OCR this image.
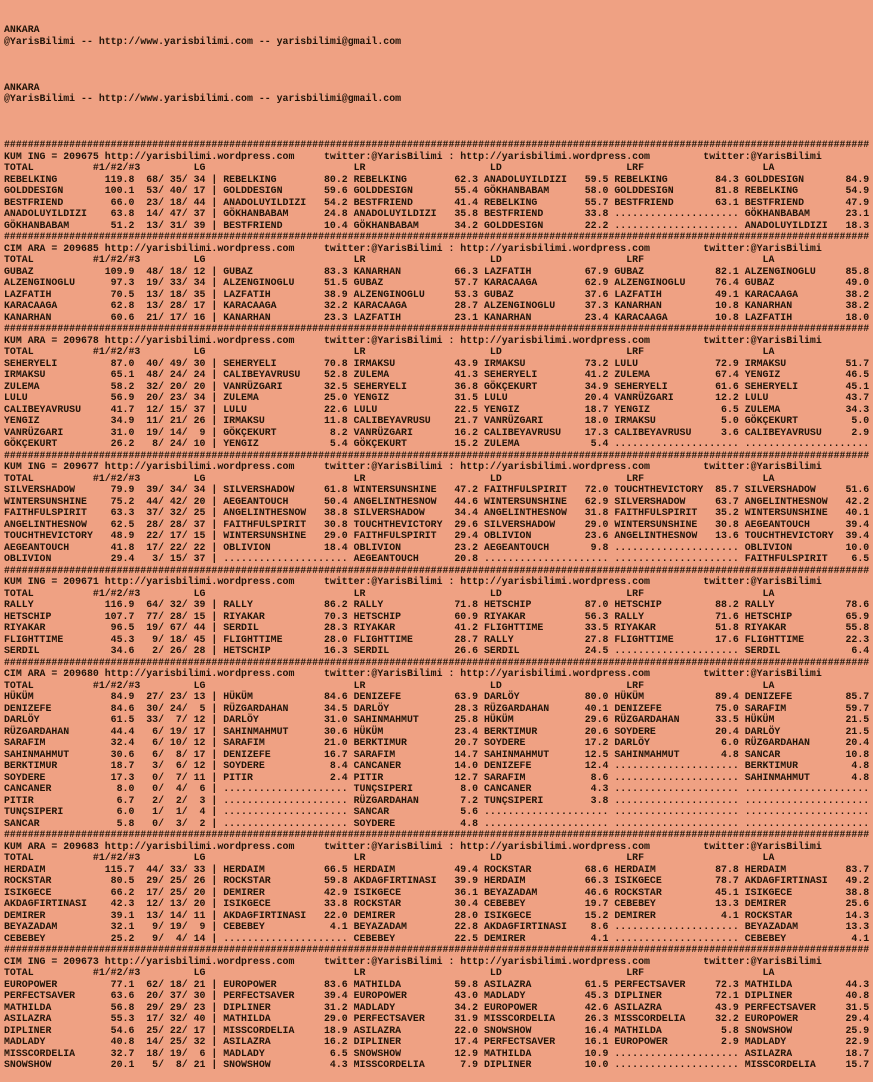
ANKARA
@YarisBilimi -- http://www.yarisbilimi.com -- yarisbilimi@gmail.com

ANKARA
@YarisBilimi -- http://www.yarisbilimi.com -- yarisbilimi@gmail.com

##################################################################################################################################################
KUM ING = 209675 http://yarisbilimi.wordpress.com     twitter:@YarisBilimi : http://yarisbilimi.wordpress.com         twitter:@YarisBilimi
TOTAL          #1/#2/#3         LG                         LR                     LD                     LRF                    LA
REBELKING        119.8  68/ 35/ 34 | REBELKING        80.2 REBELKING        62.3 ANADOLUYILDIZI   59.5 REBELKING        84.3 GOLDDESIGN       84.9
GOLDDESIGN       100.1  53/ 40/ 17 | GOLDDESIGN       59.6 GOLDDESIGN       55.4 GÖKHANBABAM      58.0 GOLDDESIGN       81.8 REBELKING        54.9
BESTFRIEND        66.0  23/ 18/ 44 | ANADOLUYILDIZI   54.2 BESTFRIEND       41.4 REBELKING        55.7 BESTFRIEND       63.1 BESTFRIEND       47.9
ANADOLUYILDIZI    63.8  14/ 47/ 37 | GÖKHANBABAM      24.8 ANADOLUYILDIZI   35.8 BESTFRIEND       33.8 ..................... GÖKHANBABAM      23.1
GÖKHANBABAM       51.2  13/ 31/ 39 | BESTFRIEND       10.4 GÖKHANBABAM      34.2 GOLDDESIGN       22.2 ..................... ANADOLUYILDIZI   18.3
##################################################################################################################################################
CIM ARA = 209685 http://yarisbilimi.wordpress.com     twitter:@YarisBilimi : http://yarisbilimi.wordpress.com         twitter:@YarisBilimi
TOTAL          #1/#2/#3         LG                         LR                     LD                     LRF                    LA
GUBAZ            109.9  48/ 18/ 12 | GUBAZ            83.3 KANARHAN         66.3 LAZFATIH         67.9 GUBAZ            82.1 ALZENGINOGLU     85.8
ALZENGINOGLU      97.3  19/ 33/ 34 | ALZENGINOGLU     51.5 GUBAZ            57.7 KARACAAGA        62.9 ALZENGINOGLU     76.4 GUBAZ            49.0
LAZFATIH          70.5  13/ 18/ 35 | LAZFATIH         38.9 ALZENGINOGLU     53.3 GUBAZ            37.6 LAZFATIH         49.1 KARACAAGA        38.2
KARACAAGA         62.8  13/ 28/ 17 | KARACAAGA        32.2 KARACAAGA        28.7 ALZENGINOGLU     37.3 KANARHAN         10.8 KANARHAN         38.2
KANARHAN          60.6  21/ 17/ 16 | KANARHAN         23.3 LAZFATIH         23.1 KANARHAN         23.4 KARACAAGA        10.8 LAZFATIH         18.0
##################################################################################################################################################
KUM ARA = 209678 http://yarisbilimi.wordpress.com     twitter:@YarisBilimi : http://yarisbilimi.wordpress.com         twitter:@YarisBilimi
TOTAL          #1/#2/#3         LG                         LR                     LD                     LRF                    LA
SEHERYELI         87.0  40/ 49/ 30 | SEHERYELI        70.8 IRMAKSU          43.9 IRMAKSU          73.2 LULU             72.9 IRMAKSU          51.7
IRMAKSU           65.1  48/ 24/ 24 | CALIBEYAVRUSU    52.8 ZULEMA           41.3 SEHERYELI        41.2 ZULEMA           67.4 YENGIZ           46.5
ZULEMA            58.2  32/ 20/ 20 | VANRÜZGARI       32.5 SEHERYELI        36.8 GÖKÇEKURT        34.9 SEHERYELI        61.6 SEHERYELI        45.1
LULU              56.9  20/ 23/ 34 | ZULEMA           25.0 YENGIZ           31.5 LULU             20.4 VANRÜZGARI       12.2 LULU             43.7
CALIBEYAVRUSU     41.7  12/ 15/ 37 | LULU             22.6 LULU             22.5 YENGIZ           18.7 YENGIZ            6.5 ZULEMA           34.3
YENGIZ            34.9  11/ 21/ 26 | IRMAKSU          11.8 CALIBEYAVRUSU    21.7 VANRÜZGARI       18.0 IRMAKSU           5.0 GÖKÇEKURT         5.0
VANRÜZGARI        31.0  19/ 14/  9 | GÖKÇEKURT         8.2 VANRÜZGARI       16.2 CALIBEYAVRUSU    17.3 CALIBEYAVRUSU     3.6 CALIBEYAVRUSU     2.9
GÖKÇEKURT         26.2   8/ 24/ 10 | YENGIZ            5.4 GÖKÇEKURT        15.2 ZULEMA            5.4 ..................... .....................
##################################################################################################################################################
KUM ING = 209677 http://yarisbilimi.wordpress.com     twitter:@YarisBilimi : http://yarisbilimi.wordpress.com         twitter:@YarisBilimi
TOTAL          #1/#2/#3         LG                         LR                     LD                     LRF                    LA
SILVERSHADOW      79.9  39/ 34/ 34 | SILVERSHADOW     61.8 WINTERSUNSHINE   47.2 FAITHFULSPIRIT   72.0 TOUCHTHEVICTORY  85.7 SILVERSHADOW     51.6
WINTERSUNSHINE    75.2  44/ 42/ 20 | AEGEANTOUCH      50.4 ANGELINTHESNOW   44.6 WINTERSUNSHINE   62.9 SILVERSHADOW     63.7 ANGELINTHESNOW   42.2
FAITHFULSPIRIT    63.3  37/ 32/ 25 | ANGELINTHESNOW   38.8 SILVERSHADOW     34.4 ANGELINTHESNOW   31.8 FAITHFULSPIRIT   35.2 WINTERSUNSHINE   40.1
ANGELINTHESNOW    62.5  28/ 28/ 37 | FAITHFULSPIRIT   30.8 TOUCHTHEVICTORY  29.6 SILVERSHADOW     29.0 WINTERSUNSHINE   30.8 AEGEANTOUCH      39.4
TOUCHTHEVICTORY   48.9  22/ 17/ 15 | WINTERSUNSHINE   29.0 FAITHFULSPIRIT   29.4 OBLIVION         23.6 ANGELINTHESNOW   13.6 TOUCHTHEVICTORY  39.4
AEGEANTOUCH       41.8  17/ 22/ 22 | OBLIVION         18.4 OBLIVION         23.2 AEGEANTOUCH       9.8 ..................... OBLIVION         10.0
OBLIVION          29.4   3/ 15/ 37 | ..................... AEGEANTOUCH      20.8 ..................... ..................... FAITHFULSPIRIT    6.5
##################################################################################################################################################
KUM ING = 209671 http://yarisbilimi.wordpress.com     twitter:@YarisBilimi : http://yarisbilimi.wordpress.com         twitter:@YarisBilimi
TOTAL          #1/#2/#3         LG                         LR                     LD                     LRF                    LA
RALLY            116.9  64/ 32/ 39 | RALLY            86.2 RALLY            71.8 HETSCHIP         87.0 HETSCHIP         88.2 RALLY            78.6
HETSCHIP         107.7  77/ 28/ 15 | RIYAKAR          70.3 HETSCHIP         60.9 RIYAKAR          56.3 RALLY            71.6 HETSCHIP         65.9
RIYAKAR           96.5  19/ 67/ 44 | SERDIL           28.3 RIYAKAR          41.2 FLIGHTTIME       33.5 RIYAKAR          51.8 RIYAKAR          55.8
FLIGHTTIME        45.3   9/ 18/ 45 | FLIGHTTIME       28.0 FLIGHTTIME       28.7 RALLY            27.8 FLIGHTTIME       17.6 FLIGHTTIME       22.3
SERDIL            34.6   2/ 26/ 28 | HETSCHIP         16.3 SERDIL           26.6 SERDIL           24.5 ..................... SERDIL            6.4
##################################################################################################################################################
CIM ARA = 209680 http://yarisbilimi.wordpress.com     twitter:@YarisBilimi : http://yarisbilimi.wordpress.com         twitter:@YarisBilimi
TOTAL          #1/#2/#3         LG                         LR                     LD                     LRF                    LA
HÜKÜM             84.9  27/ 23/ 13 | HÜKÜM            84.6 DENIZEFE         63.9 DARLÖY           80.0 HÜKÜM            89.4 DENIZEFE         85.7
DENIZEFE          84.6  30/ 24/  5 | RÜZGARDAHAN      34.5 DARLÖY           28.3 RÜZGARDAHAN      40.1 DENIZEFE         75.0 SARAFIM          59.7
DARLÖY            61.5  33/  7/ 12 | DARLÖY           31.0 SAHINMAHMUT      25.8 HÜKÜM            29.6 RÜZGARDAHAN      33.5 HÜKÜM            21.5
RÜZGARDAHAN       44.4   6/ 19/ 17 | SAHINMAHMUT      30.6 HÜKÜM            23.4 BERKTIMUR        20.6 SOYDERE          20.4 DARLÖY           21.5
SARAFIM           32.4   6/ 10/ 12 | SARAFIM          21.0 BERKTIMUR        20.7 SOYDERE          17.2 DARLÖY            6.0 RÜZGARDAHAN      20.4
SAHINMAHMUT       30.6   6/  8/ 17 | DENIZEFE         16.7 SARAFIM          14.7 SAHINMAHMUT      12.5 SAHINMAHMUT       4.8 SANCAR           10.8
BERKTIMUR         18.7   3/  6/ 12 | SOYDERE           8.4 CANCANER         14.0 DENIZEFE         12.4 ..................... BERKTIMUR         4.8
SOYDERE           17.3   0/  7/ 11 | PITIR             2.4 PITIR            12.7 SARAFIM           8.6 ..................... SAHINMAHMUT       4.8
CANCANER           8.0   0/  4/  6 | ..................... TUNÇSIPERI        8.0 CANCANER          4.3 ..................... .....................
PITIR              6.7   2/  2/  3 | ..................... RÜZGARDAHAN       7.2 TUNÇSIPERI        3.8 ..................... .....................
TUNÇSIPERI         6.0   1/  1/  4 | ..................... SANCAR            5.6 ..................... ..................... .....................
SANCAR             5.8   0/  3/  2 | ..................... SOYDERE           4.8 ..................... ..................... .....................
##################################################################################################################################################
KUM ARA = 209683 http://yarisbilimi.wordpress.com     twitter:@YarisBilimi : http://yarisbilimi.wordpress.com         twitter:@YarisBilimi
TOTAL          #1/#2/#3         LG                         LR                     LD                     LRF                    LA
HERDAIM          115.7  44/ 33/ 33 | HERDAIM          66.5 HERDAIM          49.4 ROCKSTAR         68.6 HERDAIM          87.8 HERDAIM          83.7
ROCKSTAR          80.5  29/ 25/ 26 | ROCKSTAR         59.8 AKDAGFIRTINASI   39.9 HERDAIM          66.3 ISIKGECE         78.7 AKDAGFIRTINASI   49.2
ISIKGECE          66.2  17/ 25/ 20 | DEMIRER          42.9 ISIKGECE         36.1 BEYAZADAM        46.6 ROCKSTAR         45.1 ISIKGECE         38.8
AKDAGFIRTINASI    42.3  12/ 13/ 20 | ISIKGECE         33.8 ROCKSTAR         30.4 CEBEBEY          19.7 CEBEBEY          13.3 DEMIRER          25.6
DEMIRER           39.1  13/ 14/ 11 | AKDAGFIRTINASI   22.0 DEMIRER          28.0 ISIKGECE         15.2 DEMIRER           4.1 ROCKSTAR         14.3
BEYAZADAM         32.1   9/ 19/  9 | CEBEBEY           4.1 BEYAZADAM        22.8 AKDAGFIRTINASI    8.6 ..................... BEYAZADAM        13.3
CEBEBEY           25.2   9/  4/ 14 | ..................... CEBEBEY          22.5 DEMIRER           4.1 ..................... CEBEBEY           4.1
##################################################################################################################################################
CIM ING = 209673 http://yarisbilimi.wordpress.com     twitter:@YarisBilimi : http://yarisbilimi.wordpress.com         twitter:@YarisBilimi
TOTAL          #1/#2/#3         LG                         LR                     LD                     LRF                    LA
EUROPOWER         77.1  62/ 18/ 21 | EUROPOWER        83.6 MATHILDA         59.8 ASILAZRA         61.5 PERFECTSAVER     72.3 MATHILDA         44.3
PERFECTSAVER      63.6  20/ 37/ 30 | PERFECTSAVER     39.4 EUROPOWER        43.0 MADLADY          45.3 DIPLINER         72.1 DIPLINER         40.8
MATHILDA          56.8  29/ 29/ 23 | DIPLINER         31.2 MADLADY          34.2 EUROPOWER        42.6 ASILAZRA         43.9 PERFECTSAVER     31.5
ASILAZRA          55.3  17/ 32/ 40 | MATHILDA         29.0 PERFECTSAVER     31.9 MISSCORDELIA     26.3 MISSCORDELIA     32.2 EUROPOWER        29.4
DIPLINER          54.6  25/ 22/ 17 | MISSCORDELIA     18.9 ASILAZRA         22.0 SNOWSHOW         16.4 MATHILDA          5.8 SNOWSHOW         25.9
MADLADY           40.8  14/ 25/ 32 | ASILAZRA         16.2 DIPLINER         17.4 PERFECTSAVER     16.1 EUROPOWER         2.9 MADLADY          22.9
MISSCORDELIA      32.7  18/ 19/  6 | MADLADY           6.5 SNOWSHOW         12.9 MATHILDA         10.9 ..................... ASILAZRA         18.7
SNOWSHOW          20.1   5/  8/ 21 | SNOWSHOW          4.3 MISSCORDELIA      7.9 DIPLINER         10.0 ..................... MISSCORDELIA     15.7
